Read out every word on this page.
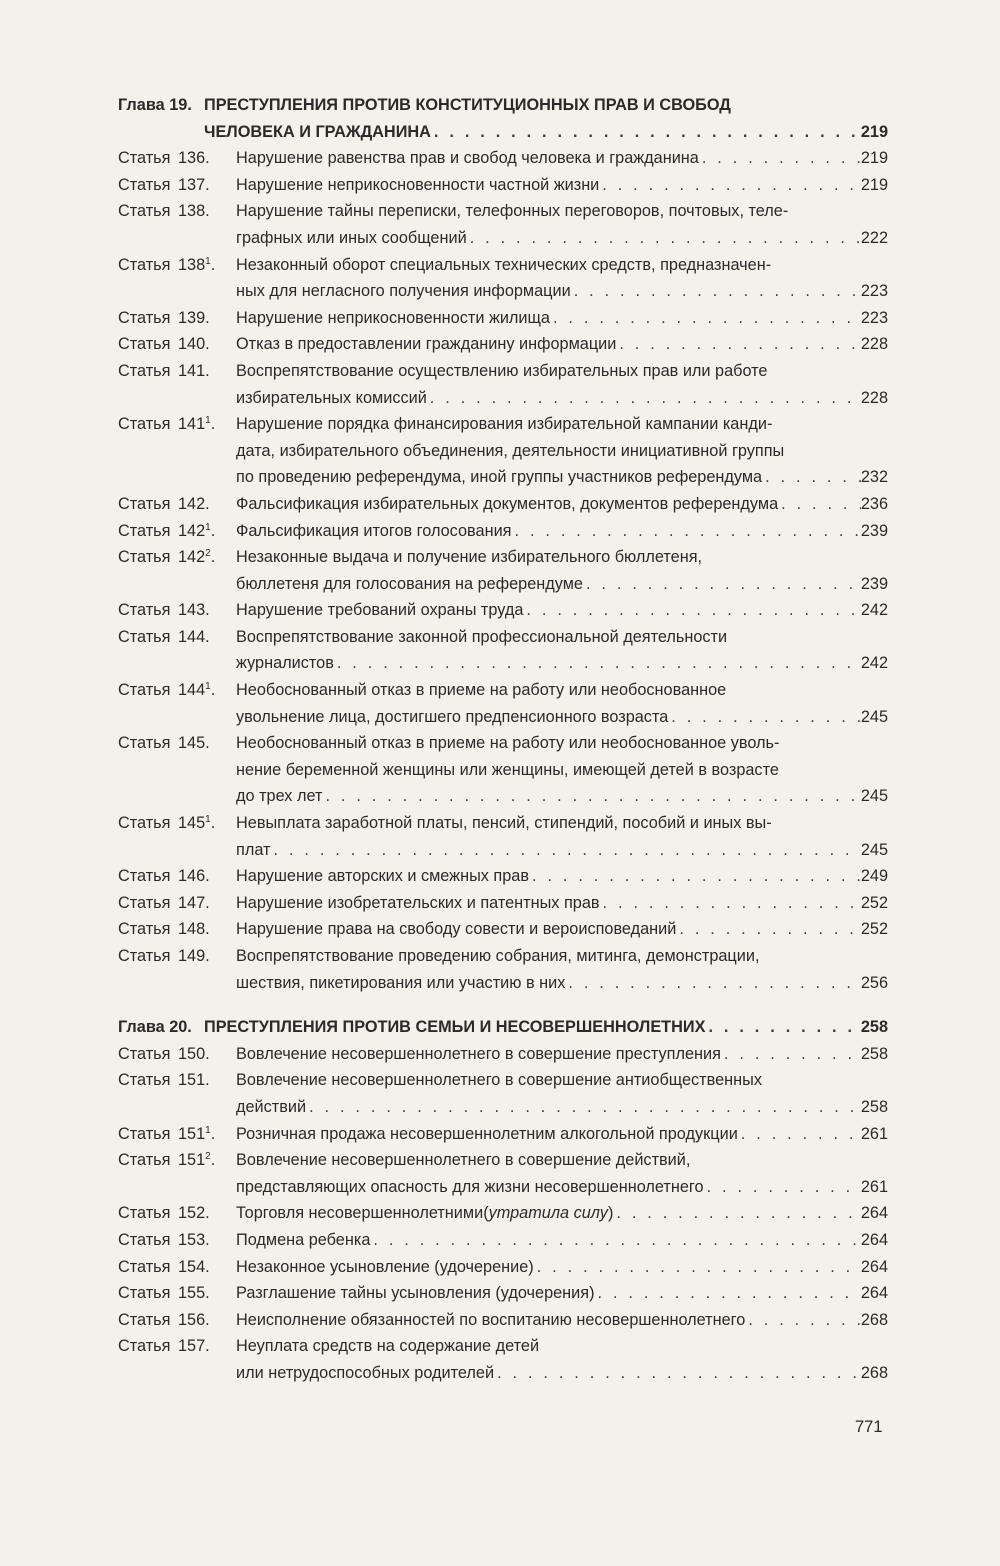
Глава 19. ПРЕСТУПЛЕНИЯ ПРОТИВ КОНСТИТУЦИОННЫХ ПРАВ И СВОБОД
ЧЕЛОВЕКА И ГРАЖДАНИНА . . .	219
Статья 136.	Нарушение равенства прав и свобод человека и гражданина . . .	219
Статья 137.	Нарушение неприкосновенности частной жизни . . .	219
Статья 138.	Нарушение тайны переписки, телефонных переговоров, почтовых, теле-
графных или иных сообщений . . .	222
Статья $138^1$.	Незаконный оборот специальных технических средств, предназначен-
ных для негласного получения информации . . .	223
Статья 139.	Нарушение неприкосновенности жилища . . .	223
Статья 140.	Отказ в предоставлении гражданину информации . . .	228
Статья 141.	Воспрепятствование осуществлению избирательных прав или работе
избирательных комиссий . . .	228
Статья $141^1$.	Нарушение порядка финансирования избирательной кампании канди-
дата, избирательного объединения, деятельности инициативной группы
по проведению референдума, иной группы участников референдума . . .	232
Статья 142.	Фальсификация избирательных документов, документов референдума . . .	236
Статья $142^1$.	Фальсификация итогов голосования . . .	239
Статья $142^2$.	Незаконные выдача и получение избирательного бюллетеня,
бюллетеня для голосования на референдуме . . .	239
Статья 143.	Нарушение требований охраны труда . . .	242
Статья 144.	Воспрепятствование законной профессиональной деятельности
журналистов . . .	242
Статья $144^1$.	Необоснованный отказ в приеме на работу или необоснованное
увольнение лица, достигшего предпенсионного возраста . . .	245
Статья 145.	Необоснованный отказ в приеме на работу или необоснованное уволь-
нение беременной женщины или женщины, имеющей детей в возрасте
до трех лет . . .	245
Статья $145^1$.	Невыплата заработной платы, пенсий, стипендий, пособий и иных вы-
плат . . .	245
Статья 146.	Нарушение авторских и смежных прав . . .	249
Статья 147.	Нарушение изобретательских и патентных прав . . .	252
Статья 148.	Нарушение права на свободу совести и вероисповеданий . . .	252
Статья 149.	Воспрепятствование проведению собрания, митинга, демонстрации,
шествия, пикетирования или участию в них . . .	256
Глава 20. ПРЕСТУПЛЕНИЯ ПРОТИВ СЕМЬИ И НЕСОВЕРШЕННОЛЕТНИХ . . .	258
Статья 150.	Вовлечение несовершеннолетнего в совершение преступления . . .	258
Статья 151.	Вовлечение несовершеннолетнего в совершение антиобщественных
действий . . .	258
Статья $151^1$.	Розничная продажа несовершеннолетним алкогольной продукции . . .	261
Статья $151^2$.	Вовлечение несовершеннолетнего в совершение действий,
представляющих опасность для жизни несовершеннолетнего . . .	261
Статья 152.	Торговля несовершеннолетними ( утратила силу ) . . .	264
Статья 153.	Подмена ребенка . . .	264
Статья 154.	Незаконное усыновление (удочерение) . . .	264
Статья 155.	Разглашение тайны усыновления (удочерения) . . .	264
Статья 156.	Неисполнение обязанностей по воспитанию несовершеннолетнего . . .	268
Статья 157.	Неуплата средств на содержание детей
или нетрудоспособных родителей . . .	268
771
